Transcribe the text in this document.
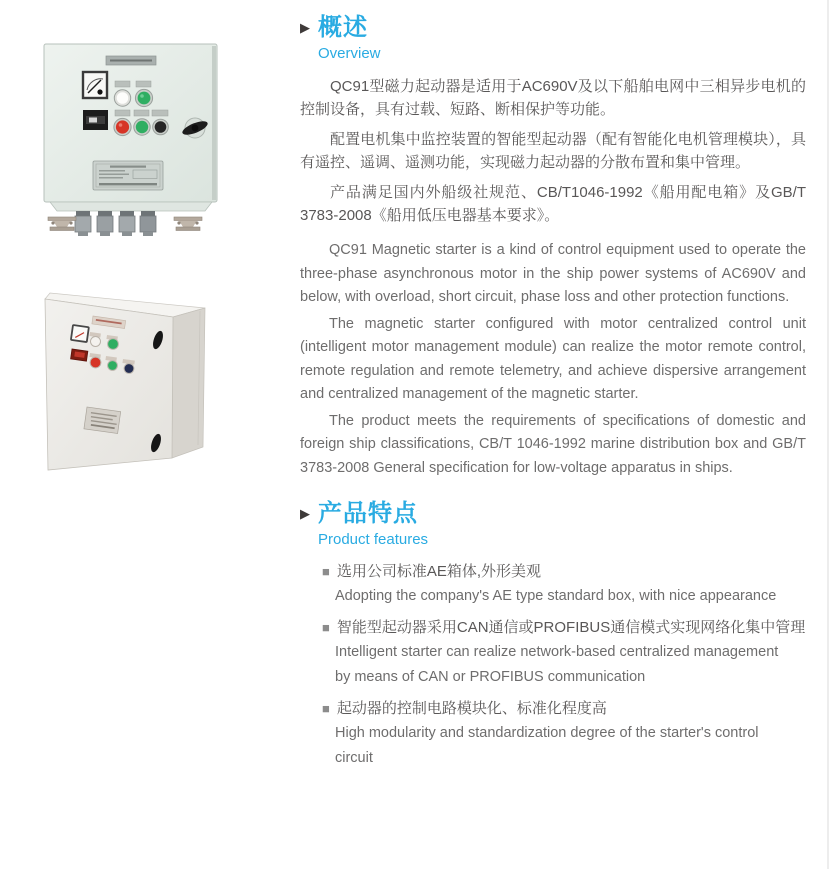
▶ 概述
Overview

QC91型磁力起动器是适用于AC690V及以下船舶电网中三相异步电机的控制设备，具有过载、短路、断相保护等功能。

配置电机集中监控装置的智能型起动器（配有智能化电机管理模块），具有遥控、遥调、遥测功能，实现磁力起动器的分散布置和集中管理。

产品满足国内外船级社规范、CB/T1046-1992《船用配电箱》及GB/T 3783-2008《船用低压电器基本要求》。

QC91 Magnetic starter is a kind of control equipment used to operate the three-phase asynchronous motor in the ship power systems of AC690V and below, with overload, short circuit, phase loss and other protection functions.

The magnetic starter configured with motor centralized control unit (intelligent motor management module) can realize the motor remote control, remote regulation and remote telemetry, and achieve dispersive arrangement and centralized management of the magnetic starter.

The product meets the requirements of specifications of domestic and foreign ship classifications, CB/T 1046-1992 marine distribution box and GB/T 3783-2008 General specification for low-voltage apparatus in ships.

▶ 产品特点
Product features
■ 选用公司标准AE箱体,外形美观

Adopting the company's AE type standard box, with nice appearance

■ 智能型起动器采用CAN通信或PROFIBUS通信模式实现网络化集中管理

Intelligent starter can realize network-based centralized management by means of CAN or PROFIBUS communication

■ 起动器的控制电路模块化、标准化程度高

High modularity and standardization degree of the starter's control circuit
